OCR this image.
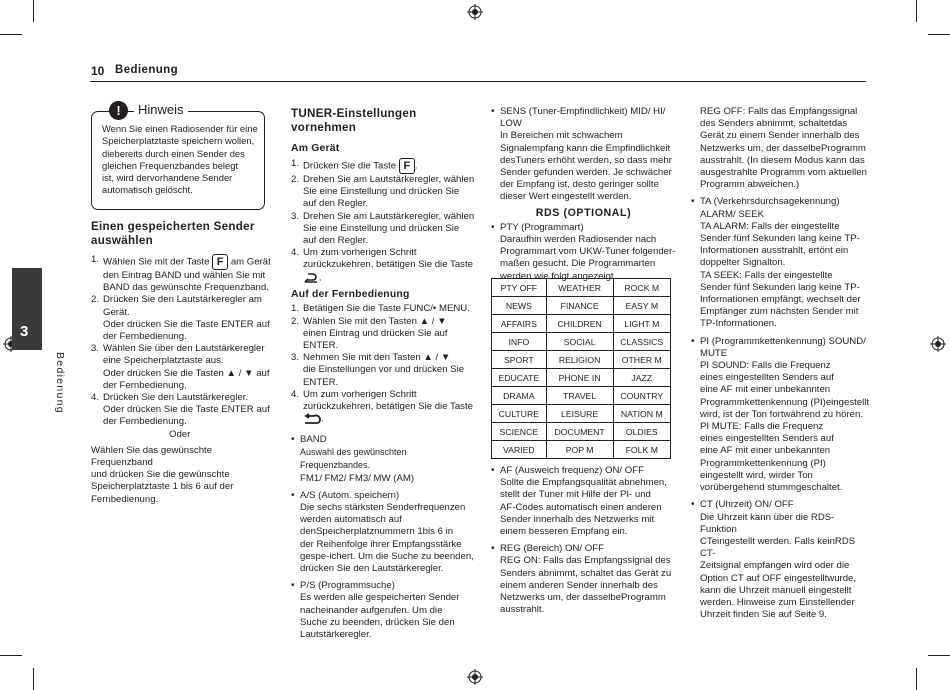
10 Bedienung
3
Bedienung
!	Hinweis

Wenn Sie einen Radiosender für eine

Speicherplatztaste speichern wollen,

diebereits durch einen Sender des

gleichen Frequenzbandes belegt

ist, wird dervorhandene Sender

automatisch gelöscht.

Einen gespeicherten Sender

auswählen

1. Wählen Sie mit der Taste F am Gerät
den Eintrag BAND und wählen Sie mit
BAND das gewünschte Frequenzband.
2. Drücken Sie den Lautstärkeregler am
Gerät.
Oder drücken Sie die Taste ENTER auf
der Fernbedienung.
3. Wählen Sie über den Lautstärkeregler
eine Speicherplatztaste aus.
Oder drücken Sie die Tasten ▲ / ▼ auf
der Fernbedienung.
4. Drücken Sie den Lautstärkeregler.
Oder drücken Sie die Taste ENTER auf
der Fernbedienung.

Oder

Wählen Sie das gewünschte Frequenzband

und drücken Sie die gewünschte

Speicherplatztaste 1 bis 6 auf der

Fernbedienung.

TUNER-Einstellungen vornehmen

Am Gerät

1. Drücken Sie die Taste F .
2. Drehen Sie am Lautstärkeregler, wählen
Sie eine Einstellung und drücken Sie
auf den Regler.
3. Drehen Sie am Lautstärkeregler, wählen
Sie eine Einstellung und drücken Sie
auf den Regler.
4. Um zum vorherigen Schritt
zurückzukehren, betätigen Sie die Taste
.

Auf der Fernbedienung

1. Betätigen Sie die Taste FUNC/• MENU.
2. Wählen Sie mit den Tasten ▲ / ▼
einen Eintrag und drücken Sie auf
ENTER.
3. Nehmen Sie mit den Tasten ▲ / ▼
die Einstellungen vor und drücken Sie
ENTER.
4. Um zum vorherigen Schritt
zurückzukehren, betätigen Sie die Taste
.
• BAND
Auswahl des gewünschten Frequenzbandes.
FM1/ FM2/ FM3/ MW (AM)
• A/S (Autom. speichern)
Die sechs stärksten Senderfrequenzen
werden automatisch auf
denSpeicherplatznummern 1bis 6 in
der Reihenfolge ihrer Empfangsstärke
gespe-ichert. Um die Suche zu beenden,
drücken Sie den Lautstärkeregler.
• P/S (Programmsuche)
Es werden alle gespeicherten Sender
nacheinander aufgerufen. Um die
Suche zu beenden, drücken Sie den
Lautstärkeregler.
• SENS (Tuner-Empfindlichkeit) MID/ HI/ LOW
In Bereichen mit schwachem
Signalempfang kann die Empfindlichkeit
desTuners erhöht werden, so dass mehr
Sender gefunden werden. Je schwächer
der Empfang ist, desto geringer sollte
dieser Wert eingestellt werden.

RDS (OPTIONAL)

• PTY (Programmart)
Daraufhin werden Radiosender nach
Programmart vom UKW-Tuner folgender-
maßen gesucht. Die Programmarten
werden wie folgt angezeigt.
PTY OFF	WEATHER	ROCK M
NEWS	FINANCE	EASY M
AFFAIRS	CHILDREN	LIGHT M
INFO	SOCIAL	CLASSICS
SPORT	RELIGION	OTHER M
EDUCATE	PHONE IN	JAZZ
DRAMA	TRAVEL	COUNTRY
CULTURE	LEISURE	NATION M
SCIENCE	DOCUMENT	OLDIES
VARIED	POP M	FOLK M
• AF (Ausweich frequenz) ON/ OFF
Sollte die Empfangsqualität abnehmen,
stellt der Tuner mit Hilfe der PI- und
AF-Codes automatisch einen anderen
Sender innerhalb des Netzwerks mit
einem besseren Empfang ein.
• REG (Bereich) ON/ OFF
REG ON: Falls das Empfangssignal des
Senders abnimmt, schaltet das Gerät zu
einem anderen Sender innerhalb des
Netzwerks um, der dasselbeProgramm
ausstrahlt.

REG OFF: Falls das Empfangssignal

des Senders abnimmt, schaltetdas

Gerät zu einem Sender innerhalb des

Netzwerks um, der dasselbeProgramm

ausstrahlt. (In diesem Modus kann das

ausgestrahlte Programm vom aktuellen

Programm abweichen.)

• TA (Verkehrsdurchsagekennung)
ALARM/ SEEK
TA ALARM: Falls der eingestellte
Sender fünf Sekunden lang keine TP-
Informationen ausstrahlt, ertönt ein
doppelter Signalton.
TA SEEK: Falls der eingestellte
Sender fünf Sekunden lang keine TP-
Informationen empfängt, wechselt der
Empfänger zum nächsten Sender mit
TP-Informationen.
• PI (Programmkettenkennung) SOUND/
MUTE
PI SOUND: Falls die Frequenz
eines eingestellten Senders auf
eine AF mit einer unbekannten
Programmkettenkennung (PI)eingestellt
wird, ist der Ton fortwährend zu hören.
PI MUTE: Falls die Frequenz
eines eingestellten Senders auf
eine AF mit einer unbekannten
Programmkettenkennung (PI)
eingestellt wird, wirder Ton
vorübergehend stummgeschaltet.
• CT (Uhrzeit) ON/ OFF
Die Uhrzeit kann über die RDS-Funktion
CTeingestellt werden. Falls keinRDS CT-
Zeitsignal empfangen wird oder die
Option CT auf OFF eingestelltwurde,
kann die Uhrzeit manuell eingestellt
werden. Hinweise zum Einstellender
Uhrzeit finden Sie auf Seite 9.
